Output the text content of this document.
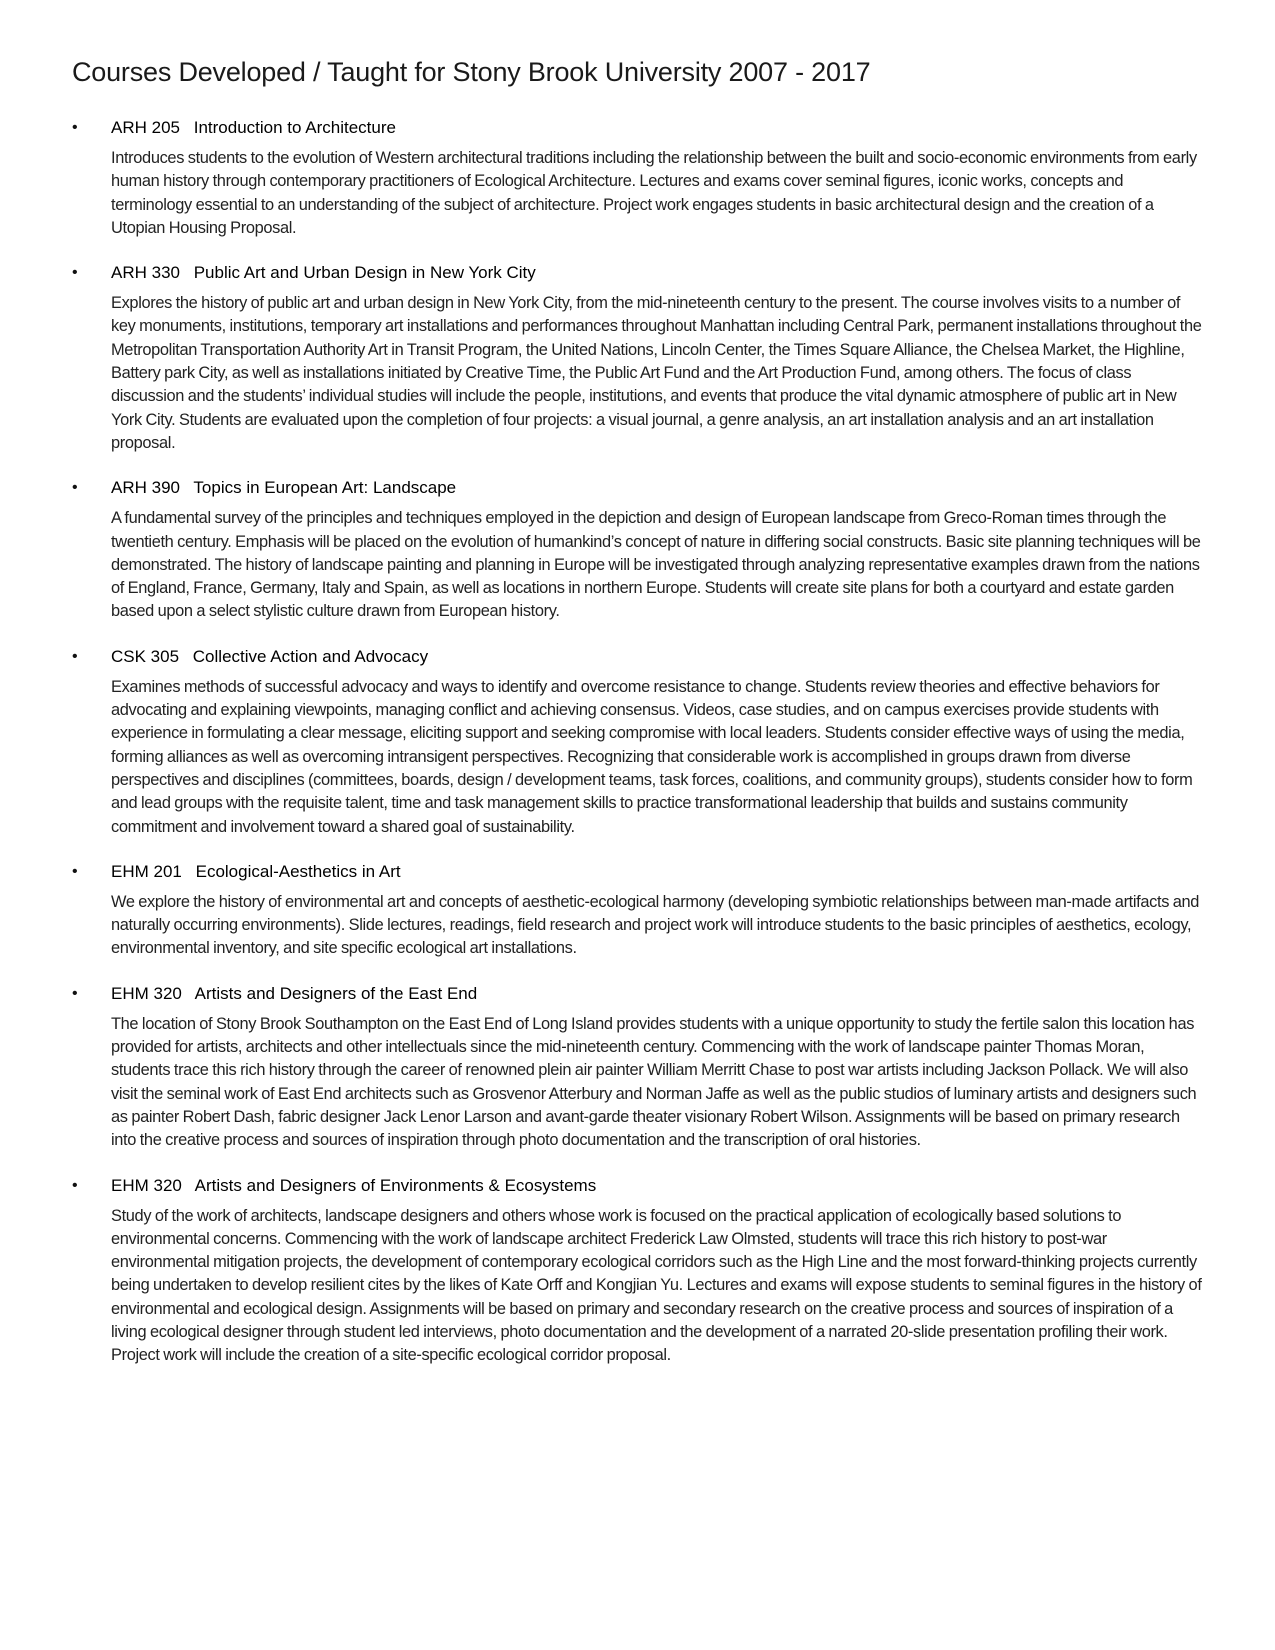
Courses Developed / Taught for Stony Brook University 2007 - 2017
• ARH 205 Introduction to Architecture

Introduces students to the evolution of Western architectural traditions including the relationship between the built and socio-economic environments from early human history through contemporary practitioners of Ecological Architecture. Lectures and exams cover seminal figures, iconic works, concepts and terminology essential to an understanding of the subject of architecture. Project work engages students in basic architectural design and the creation of a Utopian Housing Proposal.

• ARH 330 Public Art and Urban Design in New York City

Explores the history of public art and urban design in New York City, from the mid-nineteenth century to the present. The course involves visits to a number of key monuments, institutions, temporary art installations and performances throughout Manhattan including Central Park, permanent installations throughout the Metropolitan Transportation Authority Art in Transit Program, the United Nations, Lincoln Center, the Times Square Alliance, the Chelsea Market, the Highline, Battery park City, as well as installations initiated by Creative Time, the Public Art Fund and the Art Production Fund, among others. The focus of class discussion and the students’ individual studies will include the people, institutions, and events that produce the vital dynamic atmosphere of public art in New York City. Students are evaluated upon the completion of four projects: a visual journal, a genre analysis, an art installation analysis and an art installation proposal.

• ARH 390 Topics in European Art: Landscape

A fundamental survey of the principles and techniques employed in the depiction and design of European landscape from Greco-Roman times through the twentieth century. Emphasis will be placed on the evolution of humankind’s concept of nature in differing social constructs. Basic site planning techniques will be demonstrated. The history of landscape painting and planning in Europe will be investigated through analyzing representative examples drawn from the nations of England, France, Germany, Italy and Spain, as well as locations in northern Europe. Students will create site plans for both a courtyard and estate garden based upon a select stylistic culture drawn from European history.

• CSK 305 Collective Action and Advocacy

Examines methods of successful advocacy and ways to identify and overcome resistance to change. Students review theories and effective behaviors for advocating and explaining viewpoints, managing conflict and achieving consensus. Videos, case studies, and on campus exercises provide students with experience in formulating a clear message, eliciting support and seeking compromise with local leaders. Students consider effective ways of using the media, forming alliances as well as overcoming intransigent perspectives. Recognizing that considerable work is accomplished in groups drawn from diverse perspectives and disciplines (committees, boards, design / development teams, task forces, coalitions, and community groups), students consider how to form and lead groups with the requisite talent, time and task management skills to practice transformational leadership that builds and sustains community commitment and involvement toward a shared goal of sustainability.

• EHM 201 Ecological-Aesthetics in Art

We explore the history of environmental art and concepts of aesthetic-ecological harmony (developing symbiotic relationships between man-made artifacts and naturally occurring environments). Slide lectures, readings, field research and project work will introduce students to the basic principles of aesthetics, ecology, environmental inventory, and site specific ecological art installations.

• EHM 320 Artists and Designers of the East End

The location of Stony Brook Southampton on the East End of Long Island provides students with a unique opportunity to study the fertile salon this location has provided for artists, architects and other intellectuals since the mid-nineteenth century. Commencing with the work of landscape painter Thomas Moran, students trace this rich history through the career of renowned plein air painter William Merritt Chase to post war artists including Jackson Pollack. We will also visit the seminal work of East End architects such as Grosvenor Atterbury and Norman Jaffe as well as the public studios of luminary artists and designers such as painter Robert Dash, fabric designer Jack Lenor Larson and avant-garde theater visionary Robert Wilson. Assignments will be based on primary research into the creative process and sources of inspiration through photo documentation and the transcription of oral histories.

• EHM 320 Artists and Designers of Environments & Ecosystems

Study of the work of architects, landscape designers and others whose work is focused on the practical application of ecologically based solutions to environmental concerns. Commencing with the work of landscape architect Frederick Law Olmsted, students will trace this rich history to post-war environmental mitigation projects, the development of contemporary ecological corridors such as the High Line and the most forward-thinking projects currently being undertaken to develop resilient cites by the likes of Kate Orff and Kongjian Yu. Lectures and exams will expose students to seminal figures in the history of environmental and ecological design. Assignments will be based on primary and secondary research on the creative process and sources of inspiration of a living ecological designer through student led interviews, photo documentation and the development of a narrated 20-slide presentation profiling their work. Project work will include the creation of a site-specific ecological corridor proposal.
